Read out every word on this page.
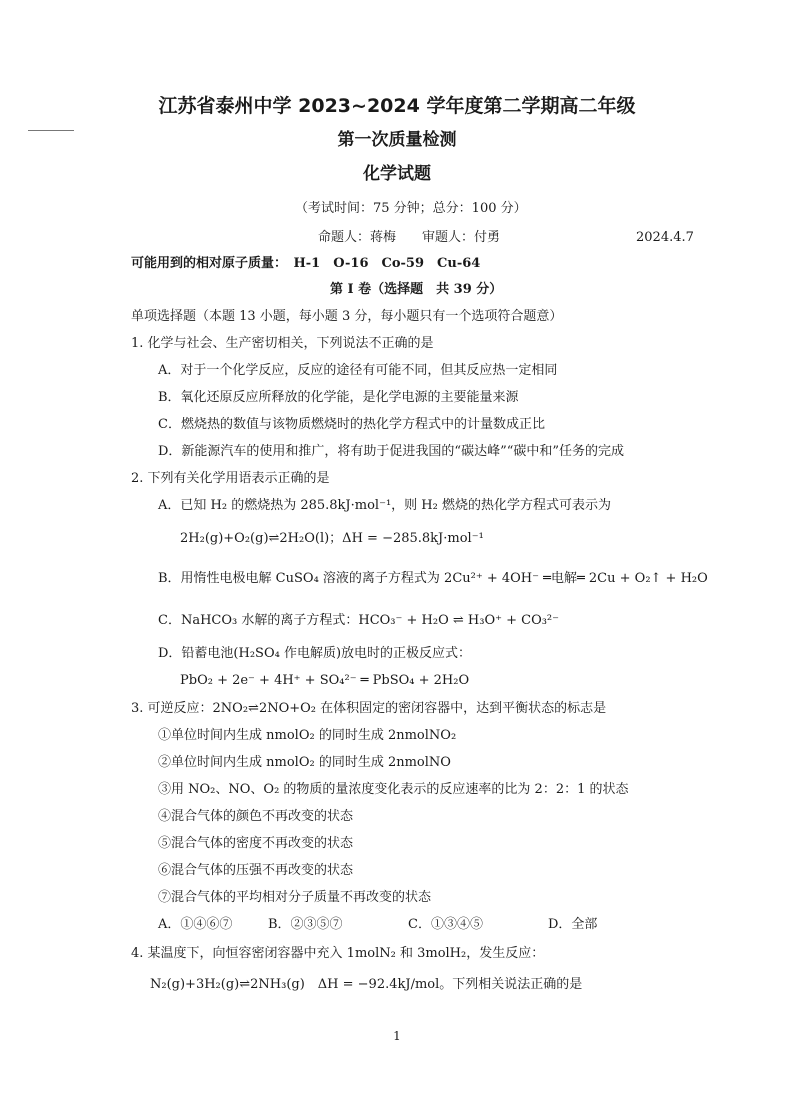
江苏省泰州中学 2023~2024 学年度第二学期高二年级
第一次质量检测
化学试题
（考试时间：75 分钟；总分：100 分）
命题人：蒋梅　　审题人：付勇	2024.4.7
可能用到的相对原子质量：　H-1　O-16　Co-59　Cu-64
第 I 卷（选择题　共 39 分）
单项选择题（本题 13 小题，每小题 3 分，每小题只有一个选项符合题意）
1. 化学与社会、生产密切相关，下列说法不正确的是
A．对于一个化学反应，反应的途径有可能不同，但其反应热一定相同
B．氧化还原反应所释放的化学能，是化学电源的主要能量来源
C．燃烧热的数值与该物质燃烧时的热化学方程式中的计量数成正比
D．新能源汽车的使用和推广，将有助于促进我国的“碳达峰”“碳中和”任务的完成
2. 下列有关化学用语表示正确的是
A．已知 H₂ 的燃烧热为 285.8kJ·mol⁻¹，则 H₂ 燃烧的热化学方程式可表示为
2H₂(g)+O₂(g)⇌2H₂O(l)；ΔH = −285.8kJ·mol⁻¹
B．用惰性电极电解 CuSO₄ 溶液的离子方程式为 2Cu²⁺ + 4OH⁻ ═电解═ 2Cu + O₂↑ + H₂O
C．NaHCO₃ 水解的离子方程式：HCO₃⁻ + H₂O ⇌ H₃O⁺ + CO₃²⁻
D．铅蓄电池(H₂SO₄ 作电解质)放电时的正极反应式：
PbO₂ + 2e⁻ + 4H⁺ + SO₄²⁻ ═ PbSO₄ + 2H₂O
3. 可逆反应：2NO₂⇌2NO+O₂ 在体积固定的密闭容器中，达到平衡状态的标志是
①单位时间内生成 nmolO₂ 的同时生成 2nmolNO₂
②单位时间内生成 nmolO₂ 的同时生成 2nmolNO
③用 NO₂、NO、O₂ 的物质的量浓度变化表示的反应速率的比为 2：2：1 的状态
④混合气体的颜色不再改变的状态
⑤混合气体的密度不再改变的状态
⑥混合气体的压强不再改变的状态
⑦混合气体的平均相对分子质量不再改变的状态
A．①④⑥⑦	B．②③⑤⑦	C．①③④⑤	D．全部
4. 某温度下，向恒容密闭容器中充入 1molN₂ 和 3molH₂，发生反应：
N₂(g)+3H₂(g)⇌2NH₃(g)　ΔH = −92.4kJ/mol。下列相关说法正确的是
1
